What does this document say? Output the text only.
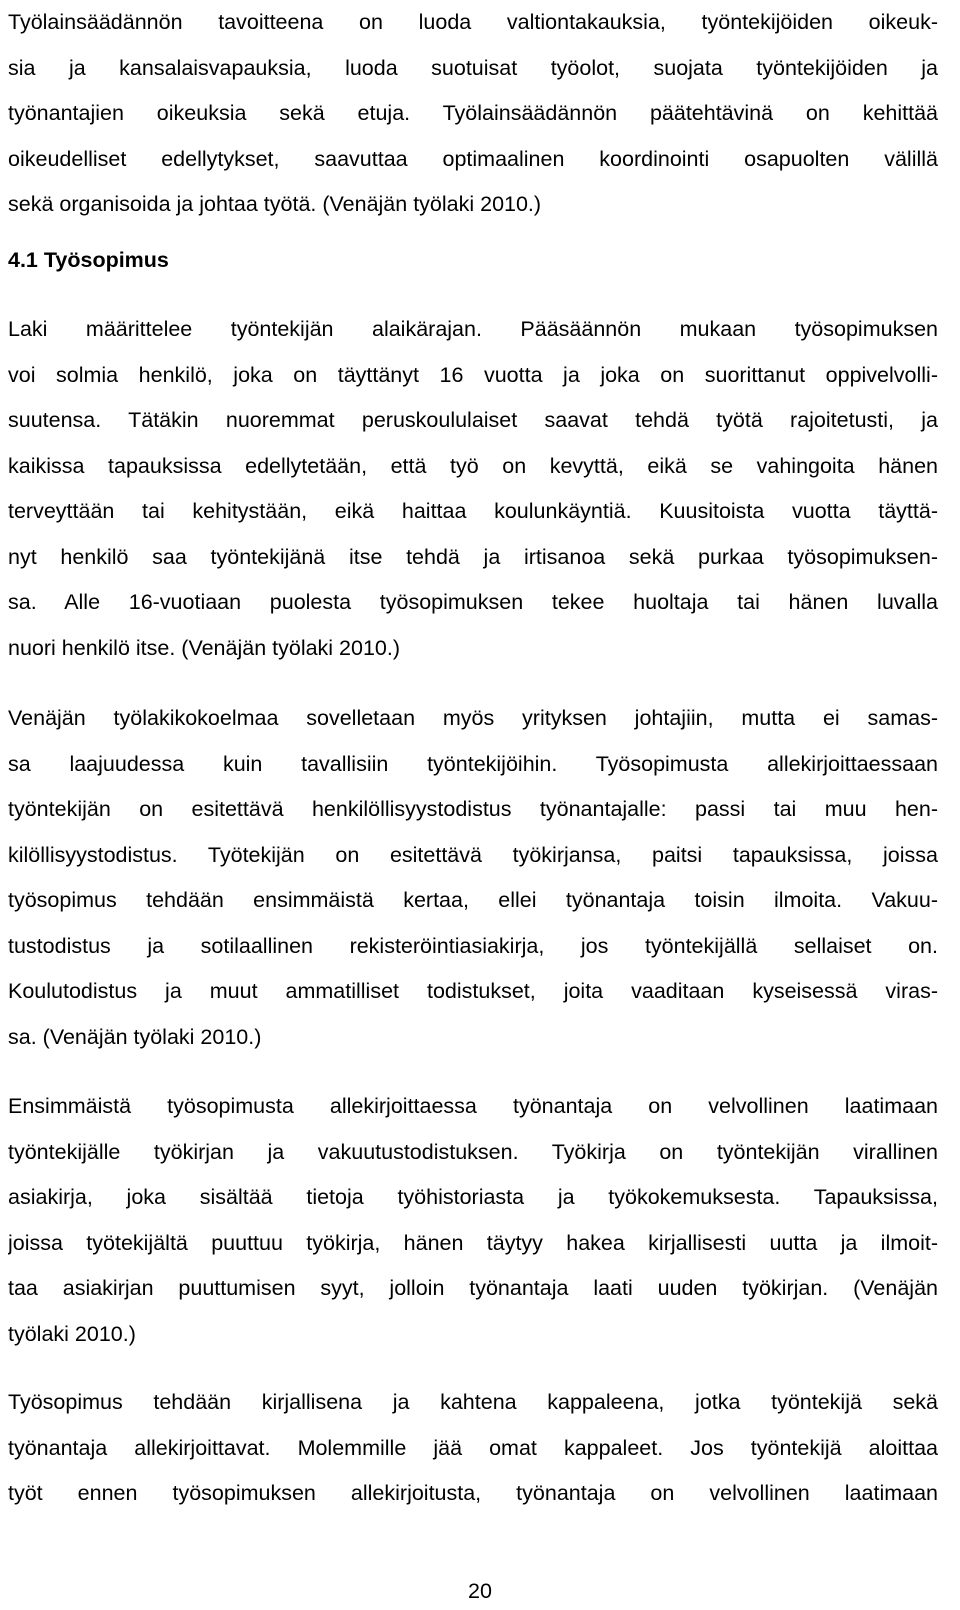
Työlainsäädännön tavoitteena on luoda valtiontakauksia, työntekijöiden oikeuk-
sia ja kansalaisvapauksia, luoda suotuisat työolot, suojata työntekijöiden ja
työnantajien oikeuksia sekä etuja. Työlainsäädännön päätehtävinä on kehittää
oikeudelliset edellytykset, saavuttaa optimaalinen koordinointi osapuolten välillä
sekä organisoida ja johtaa työtä. (Venäjän työlaki 2010.)
4.1 Työsopimus
Laki määrittelee työntekijän alaikärajan. Pääsäännön mukaan työsopimuksen
voi solmia henkilö, joka on täyttänyt 16 vuotta ja joka on suorittanut oppivelvolli-
suutensa. Tätäkin nuoremmat peruskoululaiset saavat tehdä työtä rajoitetusti, ja
kaikissa tapauksissa edellytetään, että työ on kevyttä, eikä se vahingoita hänen
terveyttään tai kehitystään, eikä haittaa koulunkäyntiä. Kuusitoista vuotta täyttä-
nyt henkilö saa työntekijänä itse tehdä ja irtisanoa sekä purkaa työsopimuksen-
sa. Alle 16-vuotiaan puolesta työsopimuksen tekee huoltaja tai hänen luvalla
nuori henkilö itse. (Venäjän työlaki 2010.)
Venäjän työlakikokoelmaa sovelletaan myös yrityksen johtajiin, mutta ei samas-
sa laajuudessa kuin tavallisiin työntekijöihin. Työsopimusta allekirjoittaessaan
työntekijän on esitettävä henkilöllisyystodistus työnantajalle: passi tai muu hen-
kilöllisyystodistus. Työtekijän on esitettävä työkirjansa, paitsi tapauksissa, joissa
työsopimus tehdään ensimmäistä kertaa, ellei työnantaja toisin ilmoita. Vakuu-
tustodistus ja sotilaallinen rekisteröintiasiakirja, jos työntekijällä sellaiset on.
Koulutodistus ja muut ammatilliset todistukset, joita vaaditaan kyseisessä viras-
sa. (Venäjän työlaki 2010.)
Ensimmäistä työsopimusta allekirjoittaessa työnantaja on velvollinen laatimaan
työntekijälle työkirjan ja vakuutustodistuksen. Työkirja on työntekijän virallinen
asiakirja, joka sisältää tietoja työhistoriasta ja työkokemuksesta. Tapauksissa,
joissa työtekijältä puuttuu työkirja, hänen täytyy hakea kirjallisesti uutta ja ilmoit-
taa asiakirjan puuttumisen syyt, jolloin työnantaja laati uuden työkirjan. (Venäjän
työlaki 2010.)
Työsopimus tehdään kirjallisena ja kahtena kappaleena, jotka työntekijä sekä
työnantaja allekirjoittavat. Molemmille jää omat kappaleet. Jos työntekijä aloittaa
työt ennen työsopimuksen allekirjoitusta, työnantaja on velvollinen laatimaan
20
